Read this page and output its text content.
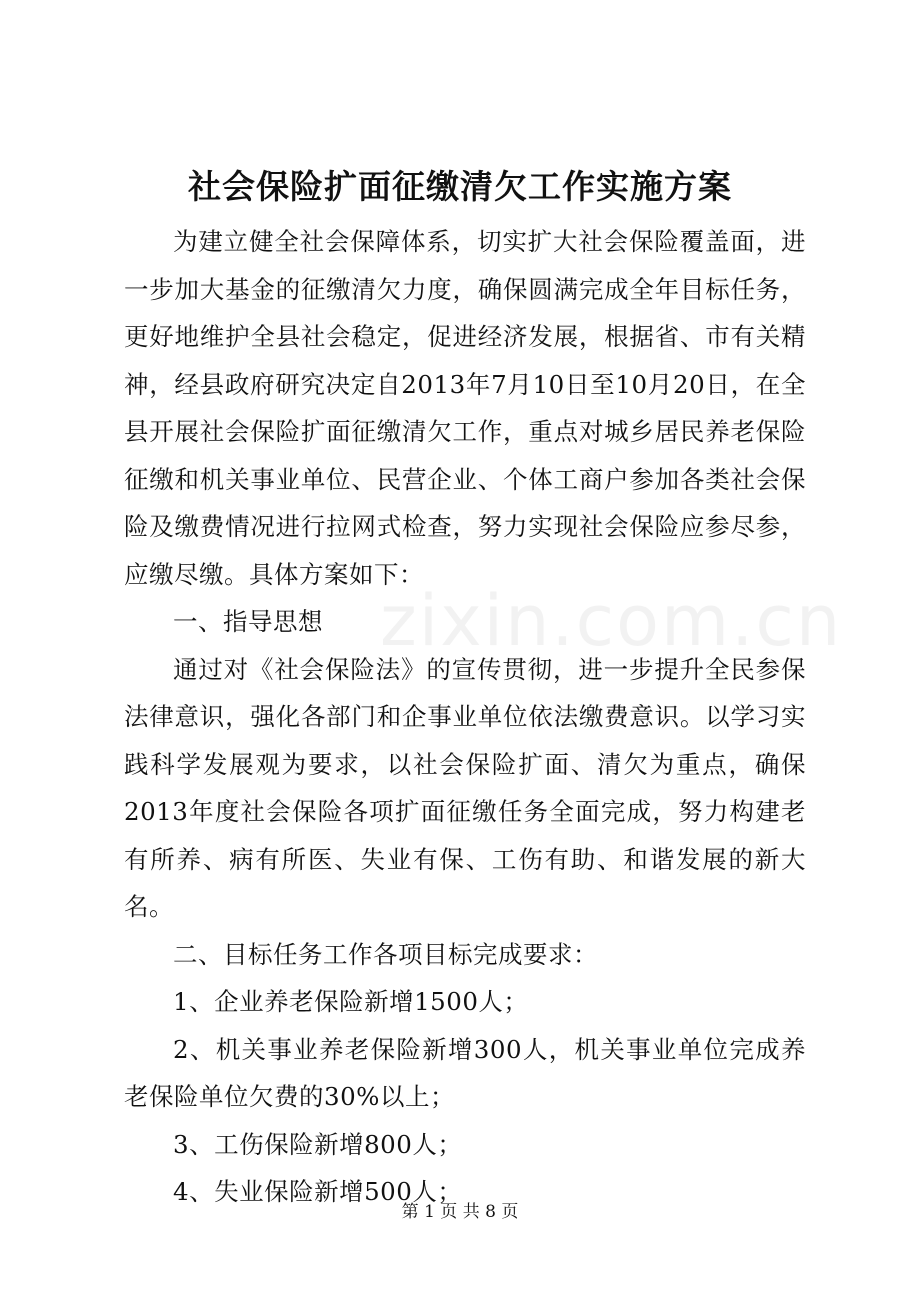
社会保险扩面征缴清欠工作实施方案

为建立健全社会保障体系，切实扩大社会保险覆盖面，进一步加大基金的征缴清欠力度，确保圆满完成全年目标任务，更好地维护全县社会稳定，促进经济发展，根据省、市有关精神，经县政府研究决定自2013年7月10日至10月20日，在全县开展社会保险扩面征缴清欠工作，重点对城乡居民养老保险征缴和机关事业单位、民营企业、个体工商户参加各类社会保险及缴费情况进行拉网式检查，努力实现社会保险应参尽参，应缴尽缴。具体方案如下：

一、指导思想

通过对《社会保险法》的宣传贯彻，进一步提升全民参保法律意识，强化各部门和企事业单位依法缴费意识。以学习实践科学发展观为要求，以社会保险扩面、清欠为重点，确保2013年度社会保险各项扩面征缴任务全面完成，努力构建老有所养、病有所医、失业有保、工伤有助、和谐发展的新大名。

二、目标任务工作各项目标完成要求：

1、企业养老保险新增1500人；

2、机关事业养老保险新增300人，机关事业单位完成养老保险单位欠费的30%以上；

3、工伤保险新增800人；

4、失业保险新增500人；

zixin.com.cn
第 1 页 共 8 页
